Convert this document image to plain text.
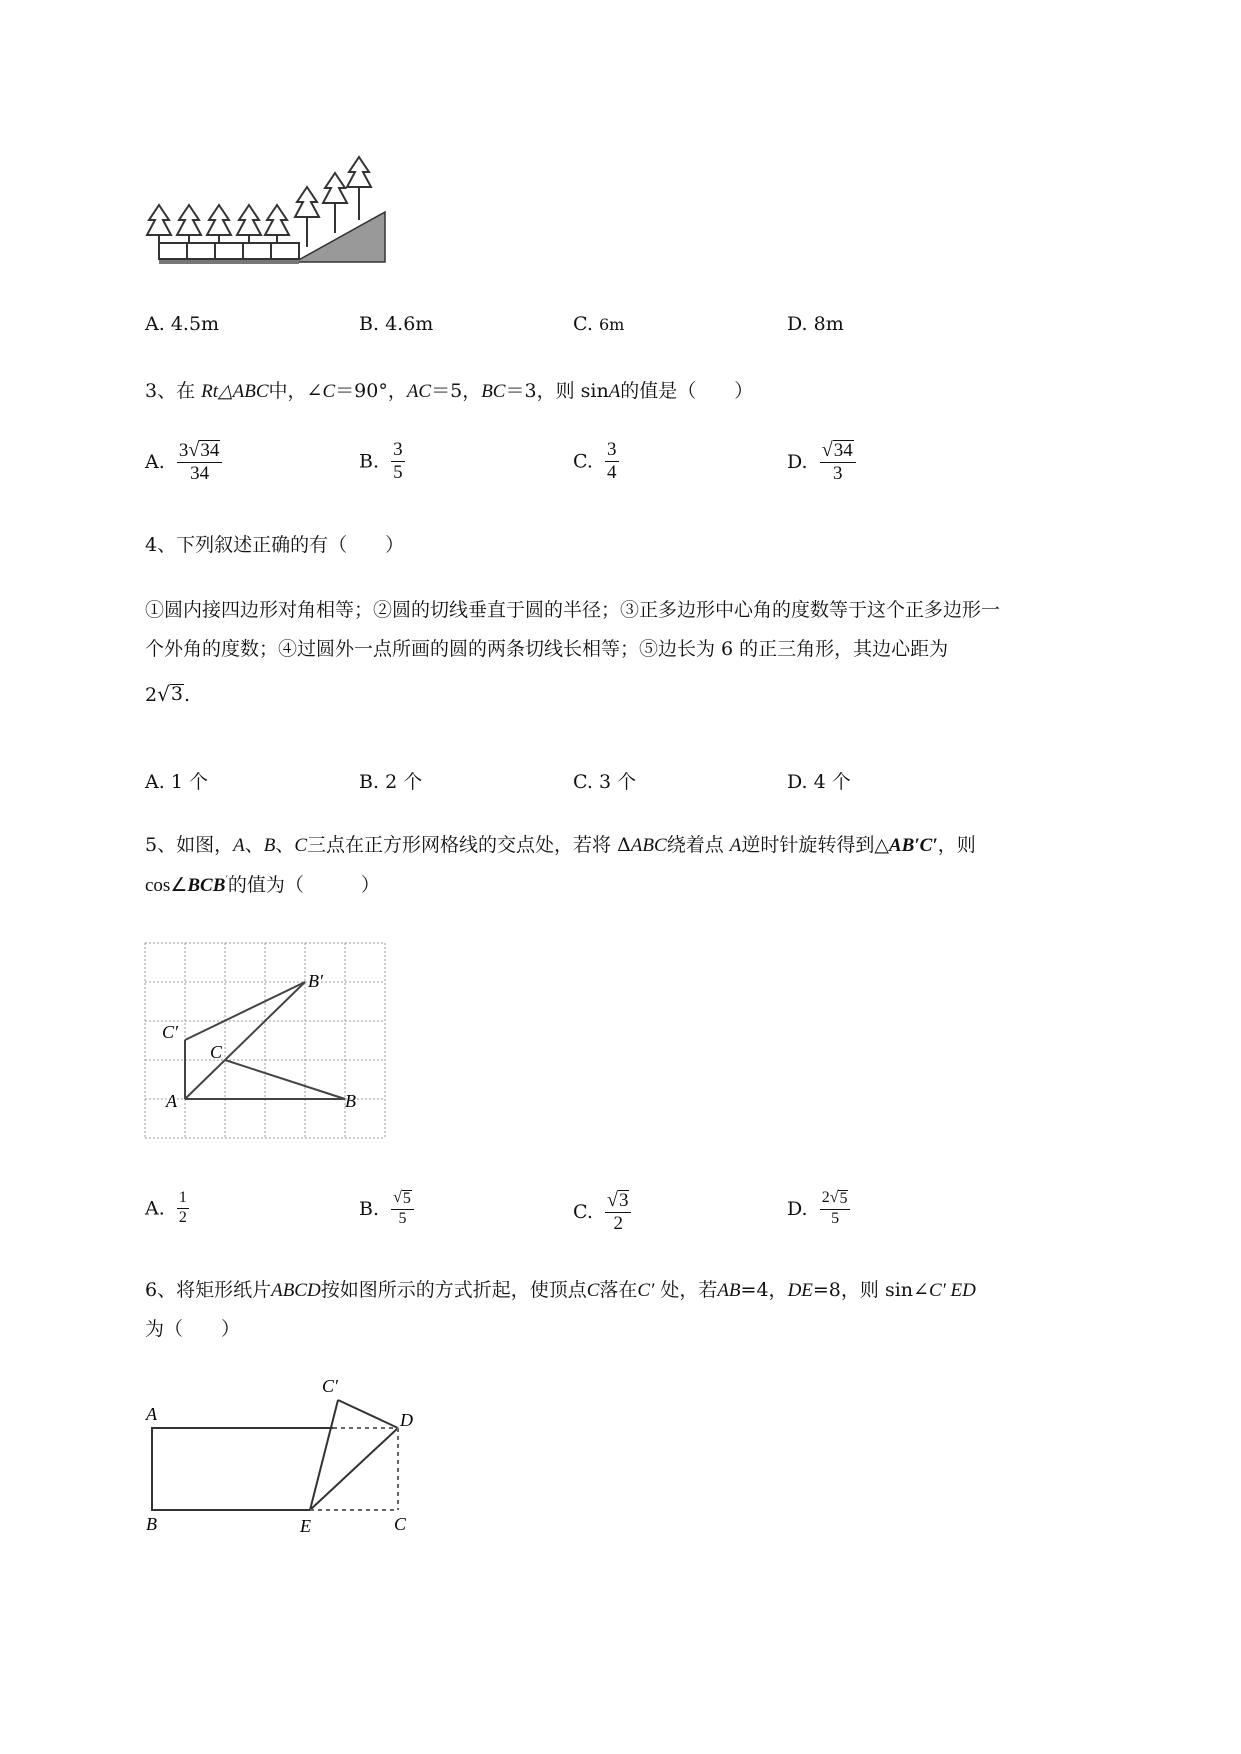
A. 4.5m	B. 4.6m	C. 6m	D. 8m
3、在 Rt△ABC中，∠C＝90°，AC＝5，BC＝3，则 sinA的值是（　　）
A. $\frac{3 √ 34}{34}$	B. $\frac{3}{5}$	C. $\frac{3}{4}$	D. $\frac{√ 34}{3}$
4、下列叙述正确的有（　　）
①圆内接四边形对角相等；②圆的切线垂直于圆的半径；③正多边形中心角的度数等于这个正多边形一
个外角的度数；④过圆外一点所画的圆的两条切线长相等；⑤边长为 6 的正三角形，其边心距为
2 √ 3 .
A. 1 个	B. 2 个	C. 3 个	D. 4 个
5、如图，A、B、C三点在正方形网格线的交点处，若将 ΔABC绕着点 A逆时针旋转得到△AB′C′，则
cos∠BCB′的值为（　　　）
B′
C′
C
A	B
A. $\frac{1}{2}$	B. $\frac{√ 5}{5}$	C. $\frac{√ 3}{2}$	D. $\frac{2 √ 5}{5}$
6、将矩形纸片ABCD按如图所示的方式折起，使顶点C落在C′ 处，若AB=4，DE=8，则 sin∠C′ ED
为（　　）
A
B
C′
D
E	C
